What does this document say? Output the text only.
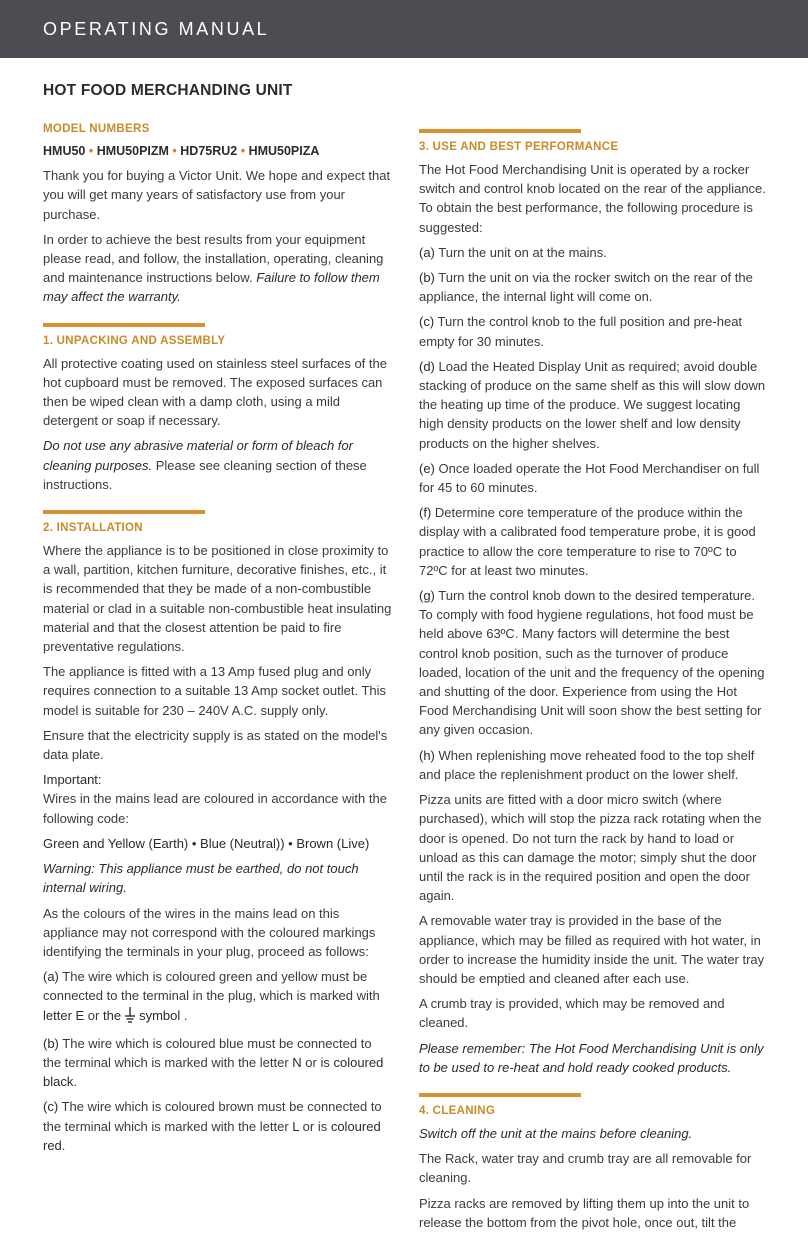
OPERATING MANUAL
HOT FOOD MERCHANDING UNIT
MODEL NUMBERS
HMU50 • HMU50PIZM • HD75RU2 • HMU50PIZA

Thank you for buying a Victor Unit. We hope and expect that you will get many years of satisfactory use from your purchase.

In order to achieve the best results from your equipment please read, and follow, the installation, operating, cleaning and maintenance instructions below. Failure to follow them may affect the warranty.

1. UNPACKING AND ASSEMBLY

All protective coating used on stainless steel surfaces of the hot cupboard must be removed. The exposed surfaces can then be wiped clean with a damp cloth, using a mild detergent or soap if necessary.

Do not use any abrasive material or form of bleach for cleaning purposes. Please see cleaning section of these instructions.

2. INSTALLATION

Where the appliance is to be positioned in close proximity to a wall, partition, kitchen furniture, decorative finishes, etc., it is recommended that they be made of a non-combustible material or clad in a suitable non-combustible heat insulating material and that the closest attention be paid to fire preventative regulations.

The appliance is fitted with a 13 Amp fused plug and only requires connection to a suitable 13 Amp socket outlet. This model is suitable for 230 – 240V A.C. supply only.

Ensure that the electricity supply is as stated on the model's data plate.

Important:

Wires in the mains lead are coloured in accordance with the following code:

Green and Yellow (Earth) • Blue (Neutral)) • Brown (Live)

Warning: This appliance must be earthed, do not touch internal wiring.

As the colours of the wires in the mains lead on this appliance may not correspond with the coloured markings identifying the terminals in your plug, proceed as follows:

(a) The wire which is coloured green and yellow must be connected to the terminal in the plug, which is marked with letter E or the symbol .

(b) The wire which is coloured blue must be connected to the terminal which is marked with the letter N or is coloured black.

(c) The wire which is coloured brown must be connected to the terminal which is marked with the letter L or is coloured red.

3. USE AND BEST PERFORMANCE

The Hot Food Merchandising Unit is operated by a rocker switch and control knob located on the rear of the appliance. To obtain the best performance, the following procedure is suggested:

(a) Turn the unit on at the mains.

(b) Turn the unit on via the rocker switch on the rear of the appliance, the internal light will come on.

(c) Turn the control knob to the full position and pre-heat empty for 30 minutes.

(d) Load the Heated Display Unit as required; avoid double stacking of produce on the same shelf as this will slow down the heating up time of the produce. We suggest locating high density products on the lower shelf and low density products on the higher shelves.

(e) Once loaded operate the Hot Food Merchandiser on full for 45 to 60 minutes.

(f) Determine core temperature of the produce within the display with a calibrated food temperature probe, it is good practice to allow the core temperature to rise to 70ºC to 72ºC for at least two minutes.

(g) Turn the control knob down to the desired temperature. To comply with food hygiene regulations, hot food must be held above 63ºC. Many factors will determine the best control knob position, such as the turnover of produce loaded, location of the unit and the frequency of the opening and shutting of the door. Experience from using the Hot Food Merchandising Unit will soon show the best setting for any given occasion.

(h) When replenishing move reheated food to the top shelf and place the replenishment product on the lower shelf.

Pizza units are fitted with a door micro switch (where purchased), which will stop the pizza rack rotating when the door is opened. Do not turn the rack by hand to load or unload as this can damage the motor; simply shut the door until the rack is in the required position and open the door again.

A removable water tray is provided in the base of the appliance, which may be filled as required with hot water, in order to increase the humidity inside the unit. The water tray should be emptied and cleaned after each use.

A crumb tray is provided, which may be removed and cleaned.

Please remember: The Hot Food Merchandising Unit is only to be used to re-heat and hold ready cooked products.

4. CLEANING

Switch off the unit at the mains before cleaning.

The Rack, water tray and crumb tray are all removable for cleaning.

Pizza racks are removed by lifting them up into the unit to release the bottom from the pivot hole, once out, tilt the
